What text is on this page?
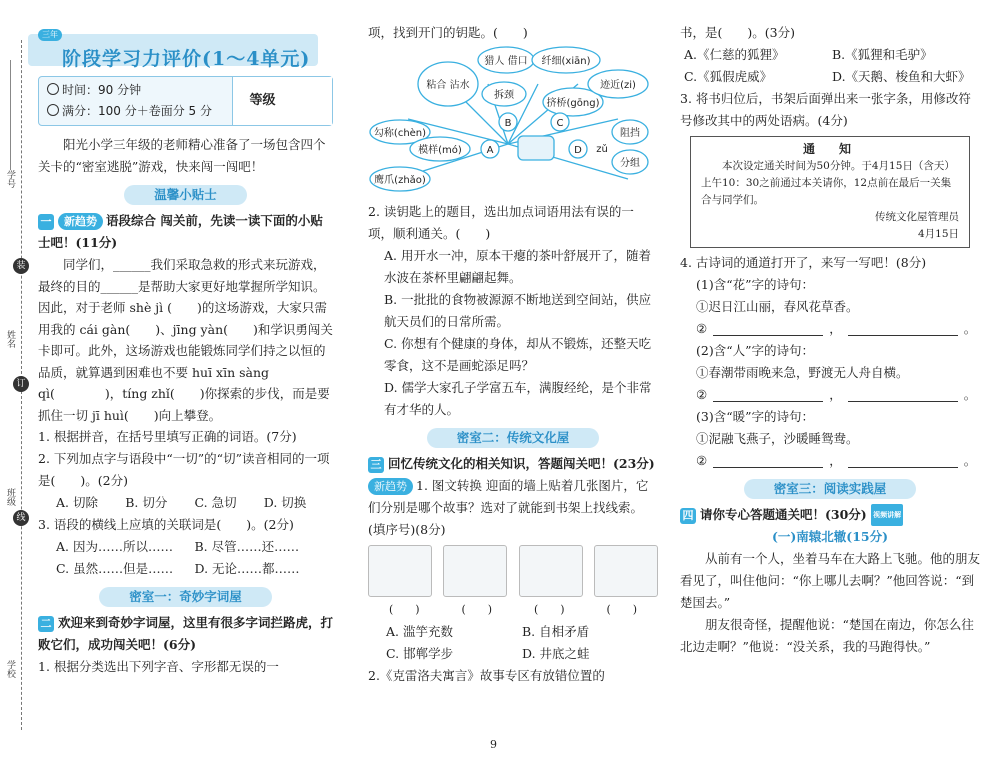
学号
装
姓名
订
班级
线
学校
三年
阶段学习力评价(1～4单元)
时间：90 分钟
满分：100 分＋卷面分 5 分
等级

阳光小学三年级的老师精心准备了一场包含四个关卡的“密室逃脱”游戏，快来闯一闯吧！

温馨小贴士
一 新趋势 语段综合 闯关前，先读一读下面的小贴士吧！(11分)

同学们，______我们采取急救的形式来玩游戏，最终的目的______是帮助大家更好地掌握所学知识。因此，对于老师 shè jì (　　)的这场游戏，大家只需用我的 cái gàn(　　)、jīng yàn(　　)和学识勇闯关卡即可。此外，这场游戏也能锻炼同学们持之以恒的品质，就算遇到困难也不要 huī xīn sàng qì(　　　　)，tíng zhǐ(　　)你探索的步伐，而是要抓住一切 jī huì(　　)向上攀登。

1. 根据拼音，在括号里填写正确的词语。(7分)
2. 下列加点字与语段中“一切”的“切”读音相同的一项是(　　)。(2分)
A. 切除	B. 切分	C. 急切	D. 切换
3. 语段的横线上应填的关联词是(　　)。(2分)
A. 因为……所以……	B. 尽管……还……
C. 虽然……但是……	D. 无论……都……
密室一：奇妙字词屋
二 欢迎来到奇妙字词屋，这里有很多字词拦路虎，打败它们，成功闯关吧！(6分)
1. 根据分类选出下列字音、字形都无误的一
项，找到开门的钥匙。(　　)
粘合 沾水
猎人 借口 纤细(xiān)
拆颈
挤桥(gōng)
迹近(zi)
勾称(chèn)
模样(mó)
阻挡
鹰爪(zhǎo)
分组
A
B	C
D zǔ
2. 读钥匙上的题目，选出加点词语用法有误的一项，顺利通关。(　　)
A. 用开水一冲，原本干瘪的茶叶舒展开了，随着水波在茶杯里翩翩起舞。
B. 一批批的食物被源源不断地送到空间站，供应航天员们的日常所需。
C. 你想有个健康的身体，却从不锻炼，还整天吃零食，这不是画蛇添足吗？
D. 儒学大家孔子学富五车，满腹经纶，是个非常有才华的人。
密室二：传统文化屋
三 回忆传统文化的相关知识，答题闯关吧！(23分)
新趋势 1. 图文转换 迎面的墙上贴着几张图片，它们分别是哪个故事？选对了就能到书架上找线索。(填序号)(8分)
(　　)	(　　)	(　　)	(　　)
A. 滥竽充数	B. 自相矛盾
C. 邯郸学步	D. 井底之蛙
2.《克雷洛夫寓言》故事专区有放错位置的
书，是(　　)。(3分)
A.《仁慈的狐狸》	B.《狐狸和毛驴》
C.《狐假虎威》	D.《天鹅、梭鱼和大虾》
3. 将书归位后，书架后面弹出来一张字条，用修改符号修改其中的两处语病。(4分)
通　知
本次设定通关时间为50分钟。于4月15日（含天）上午10：30之前通过本关请你，12点前在最后一关集合与同学们。
传统文化屋管理员
4月15日
4. 古诗词的通道打开了，来写一写吧！(8分)
(1)含“花”字的诗句：
①迟日江山丽，春风花草香。
②	，	。
(2)含“人”字的诗句：
①春潮带雨晚来急，野渡无人舟自横。
②	，	。
(3)含“暖”字的诗句：
①泥融飞燕子，沙暖睡鸳鸯。
②	，	。
密室三：阅读实践屋
四 请你专心答题通关吧！(30分) 视频讲解
(一)南辕北辙(15分)

从前有一个人，坐着马车在大路上飞驰。他的朋友看见了，叫住他问：“你上哪儿去啊？”他回答说：“到楚国去。”

朋友很奇怪，提醒他说：“楚国在南边，你怎么往北边走啊？”他说：“没关系，我的马跑得快。”

9
